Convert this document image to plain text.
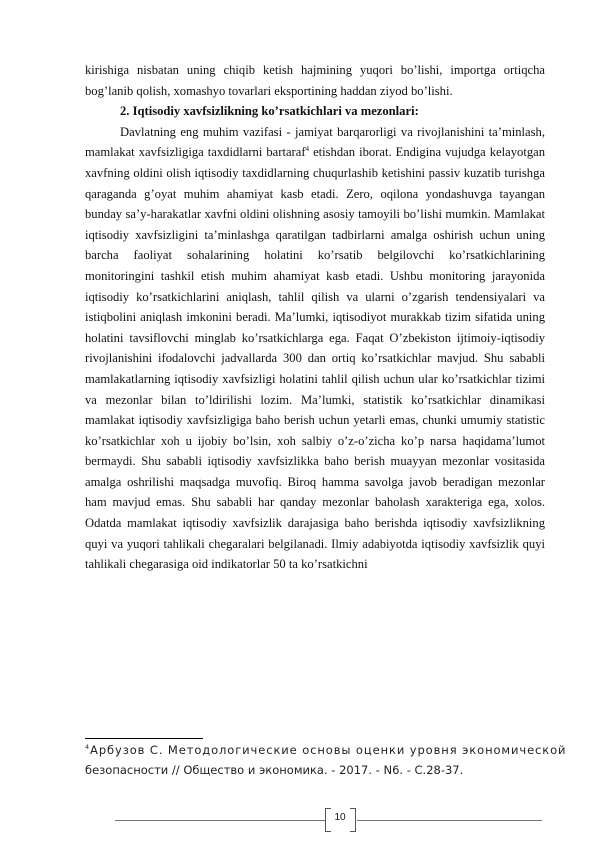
kirishiga nisbatan uning chiqib ketish hajmining yuqori bo’lishi, importga ortiqcha bog’lanib qolish, xomashyo tovarlari eksportining haddan ziyod bo’lishi.

2. Iqtisodiy xavfsizlikning ko’rsatkichlari va mezonlari:

Davlatning eng muhim vazifasi - jamiyat barqarorligi va rivojlanishini ta’minlash, mamlakat xavfsizligiga taxdidlarni bartaraf$^4$ etishdan iborat. Endigina vujudga kelayotgan xavfning oldini olish iqtisodiy taxdidlarning chuqurlashib ketishini passiv kuzatib turishga qaraganda g’oyat muhim ahamiyat kasb etadi. Zero, oqilona yondashuvga tayangan bunday sa’y-harakatlar xavfni oldini olishning asosiy tamoyili bo’lishi mumkin. Mamlakat iqtisodiy xavfsizligini ta’minlashga qaratilgan tadbirlarni amalga oshirish uchun uning barcha faoliyat sohalarining holatini ko’rsatib belgilovchi ko’rsatkichlarining monitoringini tashkil etish muhim ahamiyat kasb etadi. Ushbu monitoring jarayonida iqtisodiy ko’rsatkichlarini aniqlash, tahlil qilish va ularni o’zgarish tendensiyalari va istiqbolini aniqlash imkonini beradi. Ma’lumki, iqtisodiyot murakkab tizim sifatida uning holatini tavsiflovchi minglab ko’rsatkichlarga ega. Faqat O’zbekiston ijtimoiy-iqtisodiy rivojlanishini ifodalovchi jadvallarda 300 dan ortiq ko’rsatkichlar mavjud. Shu sababli mamlakatlarning iqtisodiy xavfsizligi holatini tahlil qilish uchun ular ko’rsatkichlar tizimi va mezonlar bilan to’ldirilishi lozim. Ma’lumki, statistik ko’rsatkichlar dinamikasi mamlakat iqtisodiy xavfsizligiga baho berish uchun yetarli emas, chunki umumiy statistic ko’rsatkichlar xoh u ijobiy bo’lsin, xoh salbiy o’z-o’zicha ko’p narsa haqidama’lumot bermaydi. Shu sababli iqtisodiy xavfsizlikka baho berish muayyan mezonlar vositasida amalga oshrilishi maqsadga muvofiq. Biroq hamma savolga javob beradigan mezonlar ham mavjud emas. Shu sababli har qanday mezonlar baholash xarakteriga ega, xolos. Odatda mamlakat iqtisodiy xavfsizlik darajasiga baho berishda iqtisodiy xavfsizlikning quyi va yuqori tahlikali chegaralari belgilanadi. Ilmiy adabiyotda iqtisodiy xavfsizlik quyi tahlikali chegarasiga oid indikatorlar 50 ta ko’rsatkichni

$^4$Арбузов С. Методологические основы оценки уровня экономической
безопасности // Общество и экономика. - 2017. - N6. - С.28-37.
10
